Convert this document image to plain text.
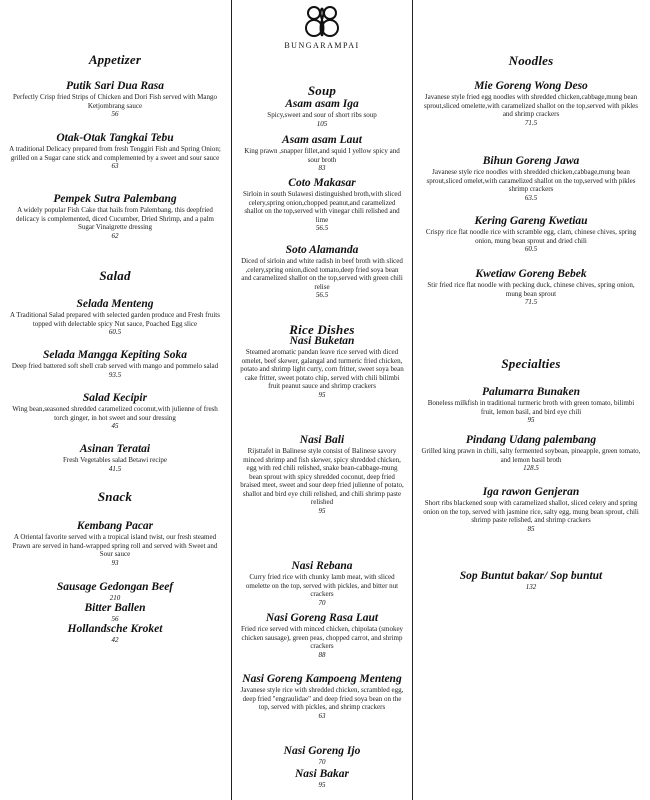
Appetizer
Putik Sari Dua Rasa
Perfectly Crisp fried Strips of Chicken and Dori Fish served with Mango Ketjombrang sauce
56
Otak-Otak Tangkai Tebu
A traditional Delicacy prepared from fresh Tenggiri Fish and Spring Onion; grilled on a Sugar cane stick and complemented by a sweet and sour sauce
63
Pempek Sutra Palembang
A widely popular Fish Cake that hails from Palembang, this deepfried delicacy is complemented, diced Cucumber, Dried Shrimp, and a palm Sugar Vinaigrette dressing
62
Salad
Selada Menteng
A Traditional Salad prepared with selected garden produce and Fresh fruits topped with delectable spicy Nut sauce, Poached Egg slice
60.5
Selada Mangga Kepiting Soka
Deep fried battered soft shell crab served with mango and pommelo salad
93.5
Salad Kecipir
Wing bean,seasoned shredded caramelized coconut,with julienne of fresh torch ginger, in hot sweet and sour dressing
45
Asinan Teratai
Fresh Vegetables salad Betawi recipe
41.5
Snack
Kembang Pacar
A Oriental favorite served with a tropical island twist, our fresh steamed Prawn are served in hand-wrapped spring roll and served with Sweet and Sour sauce
93
Sausage Gedongan Beef
210
Bitter Ballen
56
Hollandsche Kroket
42
BUNGARAMPAI
Soup
Asam asam Iga
Spicy,sweet and sour of short ribs soup
105
Asam asam Laut
King prawn ,snapper fillet,and squid I yellow spicy and sour broth
83
Coto Makasar
Sirloin in south Sulawesi distinguished broth,with sliced celery,spring onion,chopped peanut,and caramelized shallot on the top,served with vinegar chili relished and lime
56.5
Soto Alamanda
Diced of sirloin and white radish in beef broth with sliced ,celery,spring onion,diced tomato,deep fried soya bean and caramelized shallot on the top,served with green chili relise
56.5
Rice Dishes
Nasi Buketan
Steamed aromatic pandan leave rice served with diced omelet, beef skewer, galangal and turmeric fried chicken, potato and shrimp light curry, corn fritter, sweet soya bean cake fritter, sweet potato chip, served with chili bilimbi fruit peanut sauce and shrimp crackers
95
Nasi Bali
Rijsttafel in Balinese style consist of Balinese savory minced shrimp and fish skewer, spicy shredded chicken, egg with red chili relished, snake bean-cabbage-mung bean sprout with spicy shredded coconut, deep fried braised meet, sweet and sour deep fried julienne of potato, shallot and bird eye chili relished, and chili shrimp paste relished
95
Nasi Rebana
Curry fried rice with chunky lamb meat, with sliced omelette on the top, served with pickles, and bitter nut crackers
70
Nasi Goreng Rasa Laut
Fried rice served with minced chicken, chipolata (smokey chicken sausage), green peas, chopped carrot, and shrimp crackers
88
Nasi Goreng Kampoeng Menteng
Javanese style rice with shredded chicken, scrambled egg, deep fried "engraulidae" and deep fried soya bean on the top, served with pickles, and shrimp crackers
63
Nasi Goreng Ijo
70
Nasi Bakar
95
Noodles
Mie Goreng Wong Deso
Javanese style fried egg noodles with shredded chicken,cabbage,mung bean sprout,sliced omelette,with caramelized shallot on the top,served with pikles and shrimp crackers
71.5
Bihun Goreng Jawa
Javanese style rice noodles with shredded chicken,cabbage,mung bean sprout,sliced omelet,with caramelized shallot on the top,served with pikles shrimp crackers
63.5
Kering Gareng Kwetiau
Crispy rice flat noodle rice with scramble egg, clam, chinese chives, spring onion, mung bean sprout and dried chili
60.5
Kwetiaw Goreng Bebek
Stir fried rice flat noodle with pecking duck, chinese chives, spring onion, mung bean sprout
71.5
Specialties
Palumarra Bunaken
Boneless milkfish in traditional turmeric broth with green tomato, bilimbi fruit, lemon basil, and bird eye chili
95
Pindang Udang palembang
Grilled king prawn in chili, salty fermented soybean, pineapple, green tomato, and lemon basil broth
128.5
Iga rawon Genjeran
Short ribs blackened soup with caramelized shallot, sliced celery and spring onion on the top, served with jasmine rice, salty egg, mung bean sprout, chili shrimp paste relished, and shrimp crackers
85
Sop Buntut bakar/ Sop buntut
132
